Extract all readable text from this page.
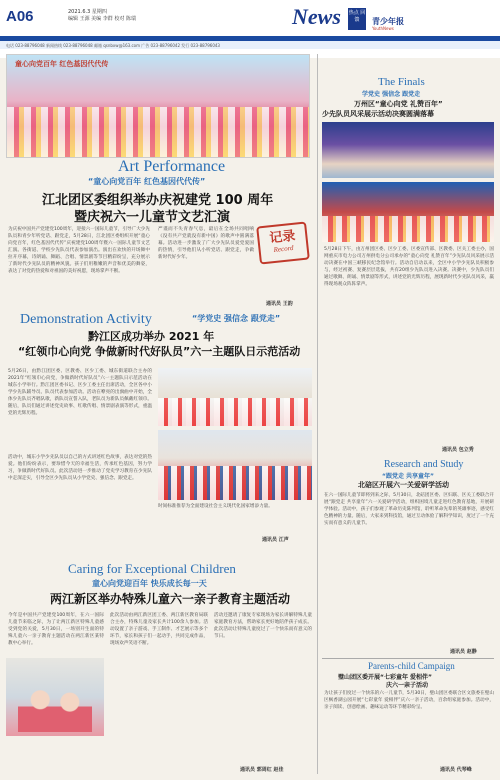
A06	2021.6.3 星期四
编辑 王源 美编 李群 校对 陈瑞	News 热点 回馈	青少年报
YouthNews
电话 023-88796048 新闻热线 023-88796048 邮箱 qsnbxw@163.com 广告 023-88796042 发行 023-88796043
童心向党百年 红色基因代代传
Art Performance
“童心向党百年 红色基因代代传”
江北团区委组织举办庆祝建党 100 周年
暨庆祝六一儿童节文艺汇演
为庆祝中国共产党建党100周年，迎接六一国际儿童节，引导广大少先队员和青少年听党话、跟党走，5月28日，江北团区委组织开展“童心向党百年，红色基因代代传”庆祝建党100周年暨六一国际儿童节文艺汇演。各街道、学校少先队员代表参加演出。演出在欢快的开场舞中拉开序幕，诗朗诵、舞蹈、合唱、情景剧等节目精彩纷呈，充分展示了新时代少先队员的精神风貌。孩子们用稚嫩的声音和优美的舞姿，表达了对党的热爱和对祖国的美好祝愿，现场掌声不断。
严谨而不失青春气息，最后在全场共同唱响《没有共产党就没有新中国》的歌声中圆满落幕。活动进一步激发了广大少先队员爱党爱国的热情，引导他们从小听党话、跟党走，争做新时代好少年。
记录
Record
通讯员 王韵
Demonstration Activity	“学党史 强信念 跟党走”
黔江区成功举办 2021 年
“红领巾心向党 争做新时代好队员”六一主题队日示范活动
5月26日，由黔江团区委、区教委、区少工委、城东街道联合主办的2021年“红领巾心向党，争做新时代好队员”六一主题队日示范活动在城东小学举行。黔江团区委书记、区少工委主任出席活动，全区各中小学少先队辅导员、队员代表参加活动。活动在嘹亮的出旗曲中开始，全体少先队员齐唱队歌，新队员宣誓入队，老队员为新队员佩戴红领巾。随后，队员们通过讲述党史故事、红歌传唱、情景剧表演等形式，重温党的光辉历程。
活动中，城东小学少先队员以自己的方式讲述红色故事，表达对党的热爱。他们纷纷表示，要珍惜今天的幸福生活，传承红色基因，努力学习，争做新时代好队员。此次活动进一步推动了党史学习教育在少先队中走深走实，引导全区少先队员从小学党史、强信念、跟党走。
时间标准推荐为全面建设社会主义现代化国家增添力量。
通讯员 江声
Caring for Exceptional Children
童心向党迎百年 快乐成长每一天
两江新区举办特殊儿童六一亲子教育主题活动
今年是中国共产党建党100周年，在六一国际儿童节来临之际，为了让两江新区特殊儿童感受到党的关爱，5月30日，一场别开生面的特殊儿童六一亲子教育主题活动在两江新区某特教中心举行。
此次活动由两江新区团工委、两江新区教育局联合主办，特殊儿童及家长共计100余人参加。活动设置了亲子游戏、手工制作、才艺展示等多个环节，家长和孩子们一起动手，共同完成作品，现场欢声笑语不断。
活动还邀请了康复专家现场为家长讲解特殊儿童家庭教育方法，帮助家长更好地陪伴孩子成长。此次活动让特殊儿童度过了一个快乐而有意义的节日。
通讯员 郭周红 赵佳
The Finals
学党史 强信念 跟党走
万州区“童心向党 礼赞百年”
少先队员风采展示活动决赛圆满落幕
5月28日下午，由万州团区委、区少工委、区委宣传部、区教委、区关工委主办，国网重庆市电力公司万州供电分公司承办的“童心向党 礼赞百年”少先队员风采展示活动决赛在中国三峡移民纪念馆举行。活动自启动以来，全区中小学少先队员积极参与，经过初赛、复赛层层选拔，共有20组少先队员进入决赛。决赛中，少先队员们通过歌舞、朗诵、情景剧等形式，讲述党的光辉历程，展现新时代少先队员风采，赢得现场观众阵阵掌声。
通讯员 包立秀
Research and Study
“跟党走 共享童年”
北碚区开展六一关爱研学活动
在六一国际儿童节即将到来之际，5月30日，北碚团区委、区妇联、区关工委联合开展“跟党走 共享童年”六一关爱研学活动，组织困境儿童走进红色教育基地，开展研学体验。活动中，孩子们参观了革命历史陈列馆，聆听革命先辈的英雄事迹，感受红色精神的力量。随后，大家来到科技馆，通过互动体验了解科学知识，度过了一个充实而有意义的儿童节。
通讯员 赵静
Parents-child Campaign
璧山团区委开展“七彩童年 爱相伴”
庆六一亲子活动
为让孩子们度过一个快乐的六一儿童节，5月30日，璧山团区委联合区文旅委在璧山区枫香湖公园开展“七彩童年 爱相伴”庆六一亲子活动，百余组家庭参加。活动中，亲子阅读、创意绘画、趣味运动等环节精彩纷呈。
通讯员 代琴峰
